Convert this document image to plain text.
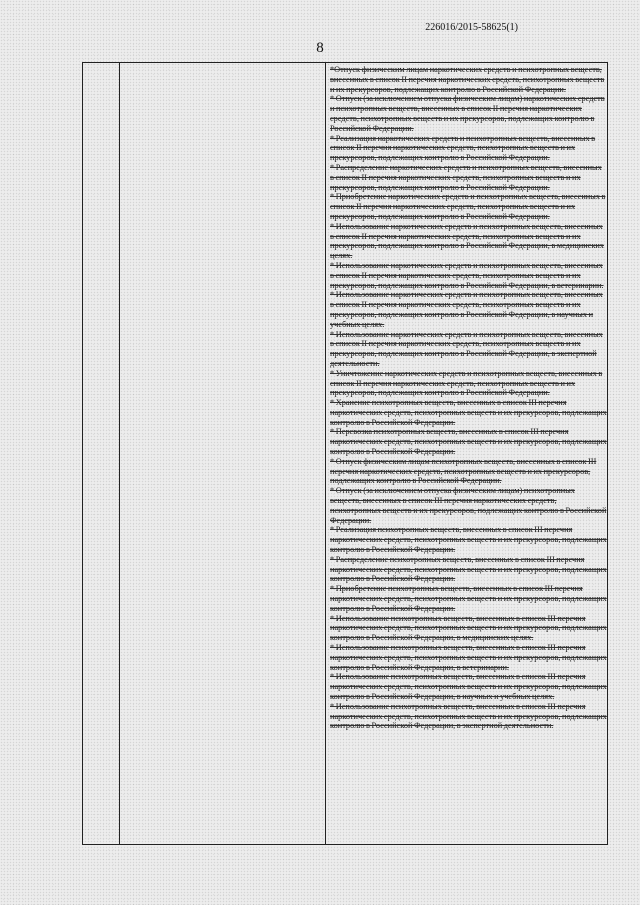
226016/2015-58625(1)
8
*Отпуск физическим лицам наркотических средств и психотропных веществ, внесенных в список II перечня наркотических средств, психотропных веществ и их прекурсоров, подлежащих контролю в Российской Федерации.
* Отпуск (за исключением отпуска физическим лицам) наркотических средств и психотропных веществ, внесенных в список II перечня наркотических средств, психотропных веществ и их прекурсоров, подлежащих контролю в Российской Федерации.
* Реализация наркотических средств и психотропных веществ, внесенных в список II перечня наркотических средств, психотропных веществ и их прекурсоров, подлежащих контролю в Российской Федерации.
* Распределение наркотических средств и психотропных веществ, внесенных в список II перечня наркотических средств, психотропных веществ и их прекурсоров, подлежащих контролю в Российской Федерации.
* Приобретение наркотических средств и психотропных веществ, внесенных в список II перечня наркотических средств, психотропных веществ и их прекурсоров, подлежащих контролю в Российской Федерации.
* Использование наркотических средств и психотропных веществ, внесенных в список II перечня наркотических средств, психотропных веществ и их прекурсоров, подлежащих контролю в Российской Федерации, в медицинских целях.
* Использование наркотических средств и психотропных веществ, внесенных в список II перечня наркотических средств, психотропных веществ и их прекурсоров, подлежащих контролю в Российской Федерации, в ветеринарии.
* Использование наркотических средств и психотропных веществ, внесенных в список II перечня наркотических средств, психотропных веществ и их прекурсоров, подлежащих контролю в Российской Федерации, в научных и учебных целях.
* Использование наркотических средств и психотропных веществ, внесенных в список II перечня наркотических средств, психотропных веществ и их прекурсоров, подлежащих контролю в Российской Федерации, в экспертной деятельности.
* Уничтожение наркотических средств и психотропных веществ, внесенных в список II перечня наркотических средств, психотропных веществ и их прекурсоров, подлежащих контролю в Российской Федерации.
* Хранение психотропных веществ, внесенных в список III перечня наркотических средств, психотропных веществ и их прекурсоров, подлежащих контролю в Российской Федерации.
* Перевозка психотропных веществ, внесенных в список III перечня наркотических средств, психотропных веществ и их прекурсоров, подлежащих контролю в Российской Федерации.
* Отпуск физическим лицам психотропных веществ, внесенных в список III перечня наркотических средств, психотропных веществ и их прекурсоров, подлежащих контролю в Российской Федерации.
* Отпуск (за исключением отпуска физическим лицам) психотропных веществ, внесенных в список III перечня наркотических средств, психотропных веществ и их прекурсоров, подлежащих контролю в Российской Федерации.
* Реализация психотропных веществ, внесенных в список III перечня наркотических средств, психотропных веществ и их прекурсоров, подлежащих контролю в Российской Федерации.
* Распределение психотропных веществ, внесенных в список III перечня наркотических средств, психотропных веществ и их прекурсоров, подлежащих контролю в Российской Федерации.
* Приобретение психотропных веществ, внесенных в список III перечня наркотических средств, психотропных веществ и их прекурсоров, подлежащих контролю в Российской Федерации.
* Использование психотропных веществ, внесенных в список III перечня наркотических средств, психотропных веществ и их прекурсоров, подлежащих контролю в Российской Федерации, в медицинских целях.
* Использование психотропных веществ, внесенных в список III перечня наркотических средств, психотропных веществ и их прекурсоров, подлежащих контролю в Российской Федерации, в ветеринарии.
* Использование психотропных веществ, внесенных в список III перечня наркотических средств, психотропных веществ и их прекурсоров, подлежащих контролю в Российской Федерации, в научных и учебных целях.
* Использование психотропных веществ, внесенных в список III перечня наркотических средств, психотропных веществ и их прекурсоров, подлежащих контролю в Российской Федерации, в экспертной деятельности.
